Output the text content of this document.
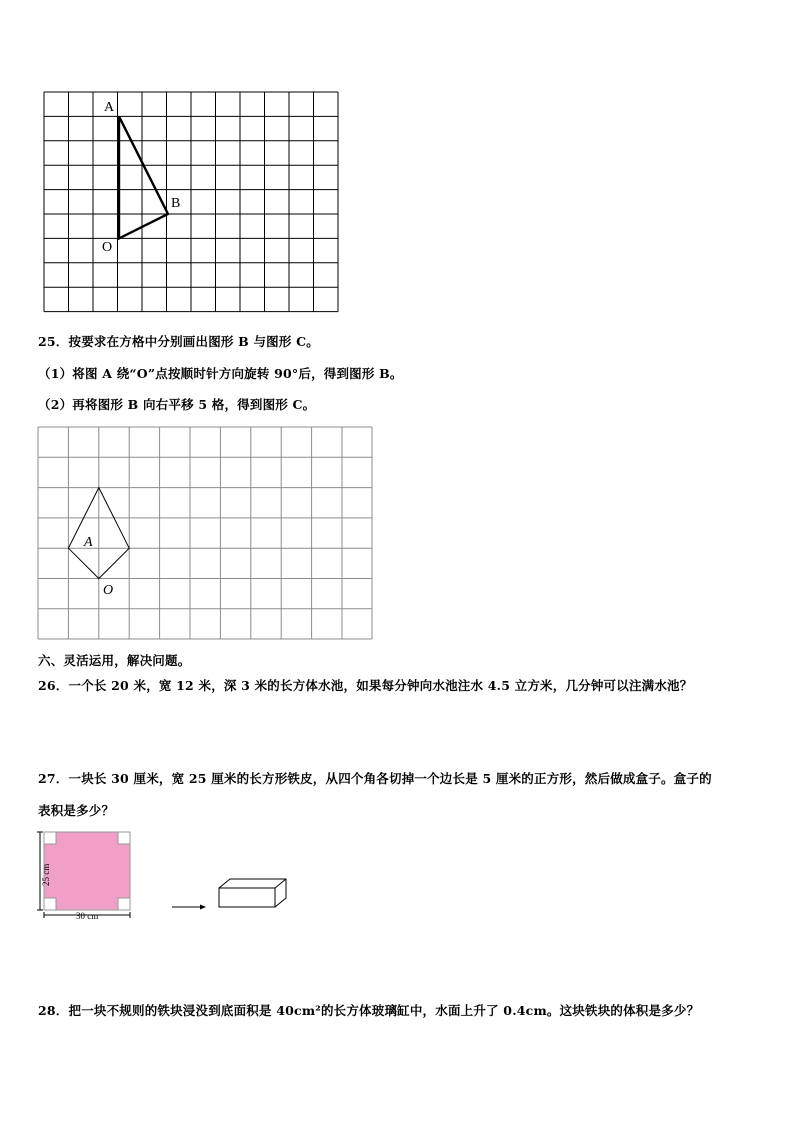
A
B
O
25．按要求在方格中分别画出图形 B 与图形 C。
（1）将图 A 绕“O”点按顺时针方向旋转 90°后，得到图形 B。
（2）再将图形 B 向右平移 5 格，得到图形 C。
A
O
六、灵活运用，解决问题。
26．一个长 20 米，宽 12 米，深 3 米的长方体水池，如果每分钟向水池注水 4.5 立方米，几分钟可以注满水池？
27．一块长 30 厘米，宽 25 厘米的长方形铁皮，从四个角各切掉一个边长是 5 厘米的正方形，然后做成盒子。盒子的
表积是多少？
25 cm
30 cm
28．把一块不规则的铁块浸没到底面积是 40cm²的长方体玻璃缸中，水面上升了 0.4cm。这块铁块的体积是多少？
